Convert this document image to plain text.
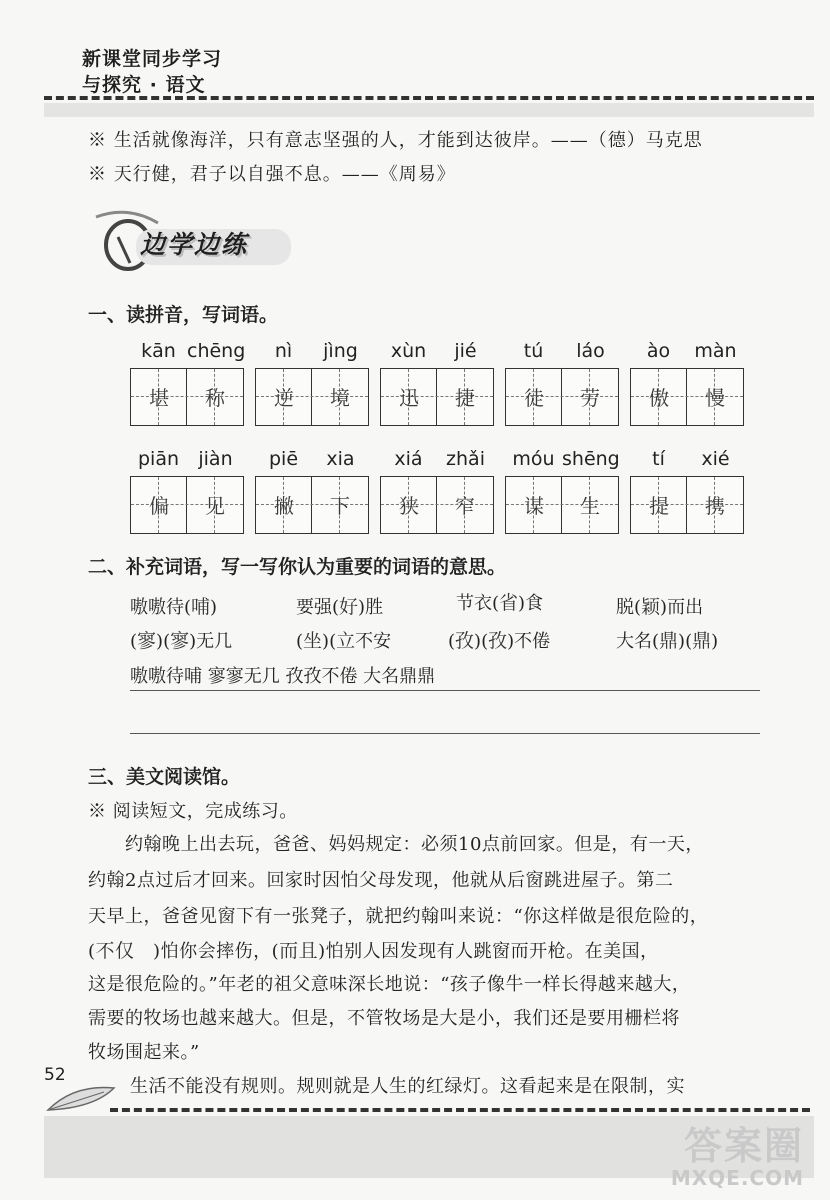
新课堂同步学习
与探究 · 语文
※ 生活就像海洋，只有意志坚强的人，才能到达彼岸。——（德）马克思
※ 天行健，君子以自强不息。——《周易》
边学边练
一、读拼音，写词语。
kān chēng	nì	jìng	xùn	jié	tú	láo	ào	màn
堪	称	逆	境	迅	捷	徒	劳	傲	慢
piān	jiàn	piē	xia	xiá	zhǎi	móu shēng	tí	xié
偏	见	撇	下	狭	窄	谋	生	提	携
二、补充词语，写一写你认为重要的词语的意思。
嗷嗷待(哺)	要强(好)胜	节衣(省)食	脱(颖)而出
(寥)(寥)无几	(坐)(立不安	(孜)(孜)不倦	大名(鼎)(鼎)
嗷嗷待哺 寥寥无几 孜孜不倦 大名鼎鼎
三、美文阅读馆。
※ 阅读短文，完成练习。
　　约翰晚上出去玩，爸爸、妈妈规定：必须10点前回家。但是，有一天，
约翰2点过后才回来。回家时因怕父母发现，他就从后窗跳进屋子。第二
天早上，爸爸见窗下有一张凳子，就把约翰叫来说：“你这样做是很危险的，
(不仅　 )怕你会摔伤，(而且)怕别人因发现有人跳窗而开枪。在美国，
这是很危险的。”年老的祖父意味深长地说：“孩子像牛一样长得越来越大，
需要的牧场也越来越大。但是，不管牧场是大是小，我们还是要用栅栏将
牧场围起来。”
52
生活不能没有规则。规则就是人生的红绿灯。这看起来是在限制，实
答案圈
MXQE.COM
